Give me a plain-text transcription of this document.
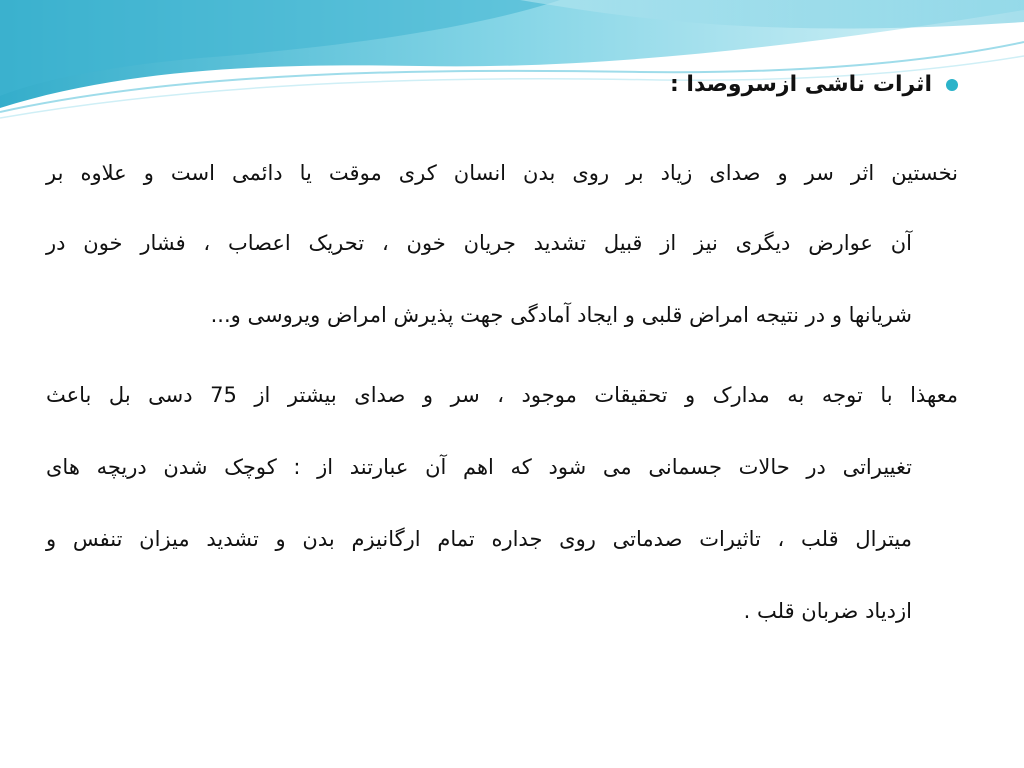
اثرات ناشی ازسروصدا :
نخستین اثر سر و صدای زیاد بر روی بدن انسان کری موقت یا دائمی است و علاوه بر
آن عوارض دیگری نیز از قبیل تشدید جریان خون ، تحریک اعصاب ، فشار خون در
شریانها و در نتیجه امراض قلبی و ایجاد آمادگی جهت پذیرش امراض ویروسی و...
معهذا با توجه به مدارک و تحقیقات موجود ، سر و صدای بیشتر از 75 دسی بل باعث
تغییراتی در حالات جسمانی می شود که اهم آن عبارتند از : کوچک شدن دریچه های
میترال قلب ، تاثیرات صدماتی روی جداره تمام ارگانیزم بدن و تشدید میزان تنفس و
ازدیاد ضربان قلب .
